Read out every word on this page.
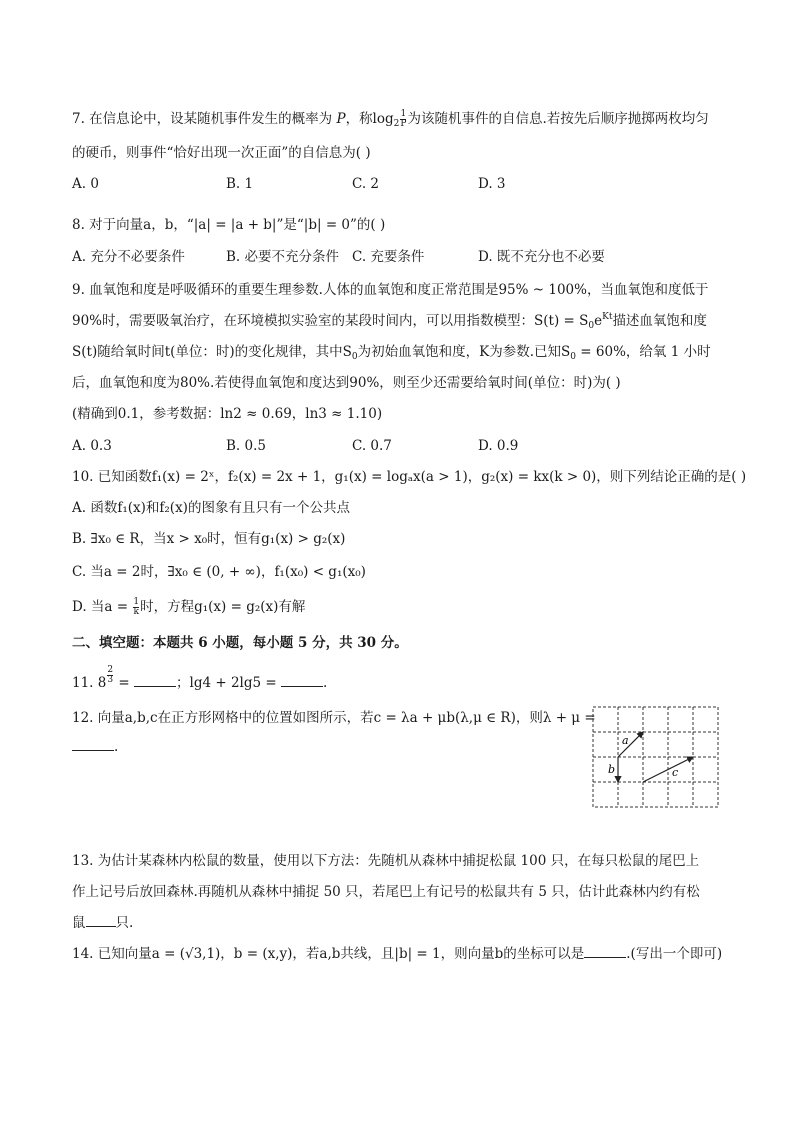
7. 在信息论中，设某随机事件发生的概率为 P，称$\log_2 \frac{1}{P}$ 为该随机事件的自信息.若按先后顺序抛掷两枚均匀
的硬币，则事件“恰好出现一次正面”的自信息为( )
A. 0	B. 1	C. 2	D. 3
8. 对于向量a，b，“|a| = |a + b|”是“|b| = 0”的( )
A. 充分不必要条件	B. 必要不充分条件 C. 充要条件	D. 既不充分也不必要
9. 血氧饱和度是呼吸循环的重要生理参数.人体的血氧饱和度正常范围是95% ~ 100%，当血氧饱和度低于
90%时，需要吸氧治疗，在环境模拟实验室的某段时间内，可以用指数模型：$S(t) = S_0e^{Kt}$描述血氧饱和度
S(t)随给氧时间t(单位：时)的变化规律，其中$S_0$为初始血氧饱和度，K为参数.已知$S_0 = 60\%$，给氧 1 小时
后，血氧饱和度为80%.若使得血氧饱和度达到90%，则至少还需要给氧时间(单位：时)为( )
(精确到0.1，参考数据：ln2 ≈ 0.69，ln3 ≈ 1.10)
A. 0.3	B. 0.5	C. 0.7	D. 0.9
10. 已知函数f₁(x) = 2ˣ，f₂(x) = 2x + 1，g₁(x) = logₐx(a > 1)，g₂(x) = kx(k > 0)，则下列结论正确的是( )
A. 函数f₁(x)和f₂(x)的图象有且只有一个公共点
B. ∃x₀ ∈ R，当x > x₀时，恒有g₁(x) > g₂(x)
C. 当a = 2时，∃x₀ ∈ (0, + ∞)，f₁(x₀) < g₁(x₀)
D. 当$a = \frac{1}{k}$ 时，方程g₁(x) = g₂(x)有解
二、填空题：本题共 6 小题，每小题 5 分，共 30 分。
11. $8 \frac{2}{3}$ =	；lg4 + 2lg5 =	.
12. 向量a,b,c在正方形网格中的位置如图所示，若c = λa + μb(λ,μ ∈ R)，则λ + μ =
.	a
b	c
13. 为估计某森林内松鼠的数量，使用以下方法：先随机从森林中捕捉松鼠 100 只，在每只松鼠的尾巴上
作上记号后放回森林.再随机从森林中捕捉 50 只，若尾巴上有记号的松鼠共有 5 只，估计此森林内约有松
鼠 只.
14. 已知向量a = (√3,1)，b = (x,y)，若a,b共线，且|b| = 1，则向量b的坐标可以是	.(写出一个即可)
